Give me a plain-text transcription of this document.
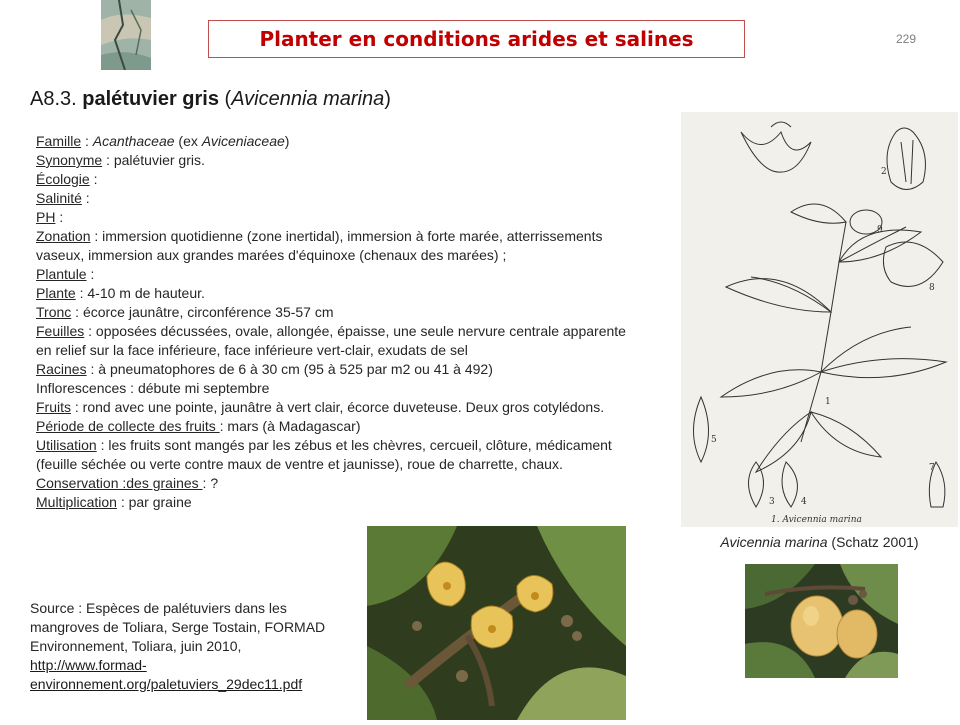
Planter en conditions arides et salines	229
A8.3. palétuvier gris (Avicennia marina)

Famille : Acanthaceae (ex Aviceniaceae)

Synonyme : palétuvier gris.

Écologie :

Salinité :

PH :

Zonation : immersion quotidienne (zone inertidal), immersion à forte marée, atterrissements vaseux, immersion aux grandes marées d'équinoxe (chenaux des marées) ;

Plantule :

Plante : 4-10 m de hauteur.

Tronc : écorce jaunâtre, circonférence 35-57 cm

Feuilles : opposées décussées, ovale, allongée, épaisse, une seule nervure centrale apparente en relief sur la face inférieure, face inférieure vert-clair, exudats de sel

Racines : à pneumatophores de 6 à 30 cm (95 à 525 par m2 ou 41 à 492)

Inflorescences : débute mi septembre

Fruits : rond avec une pointe, jaunâtre à vert clair, écorce duveteuse. Deux gros cotylédons.

Période de collecte des fruits : mars (à Madagascar)

Utilisation : les fruits sont mangés par les zébus et les chèvres, cercueil, clôture, médicament (feuille séchée ou verte contre maux de ventre et jaunisse), roue de charrette, chaux.

Conservation :des graines : ?

Multiplication : par graine

Source : Espèces de palétuviers dans les mangroves de Toliara, Serge Tostain, FORMAD Environnement, Toliara, juin 2010, http://www.formad-environnement.org/paletuviers_29dec11.pdf
2
9
8
1
5
3	4
7
1. Avicennia marina
Avicennia marina (Schatz 2001)
